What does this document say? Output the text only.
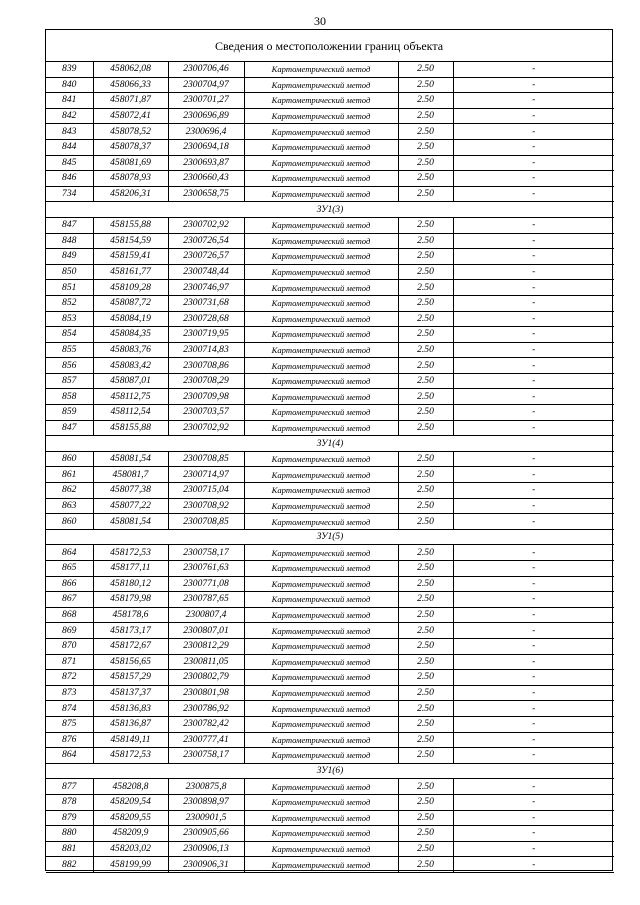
30
Сведения о местоположении границ объекта
839	458062,08	2300706,46	Картометрический метод	2.50	-
840	458066,33	2300704,97	Картометрический метод	2.50	-
841	458071,87	2300701,27	Картометрический метод	2.50	-
842	458072,41	2300696,89	Картометрический метод	2.50	-
843	458078,52	2300696,4	Картометрический метод	2.50	-
844	458078,37	2300694,18	Картометрический метод	2.50	-
845	458081,69	2300693,87	Картометрический метод	2.50	-
846	458078,93	2300660,43	Картометрический метод	2.50	-
734	458206,31	2300658,75	Картометрический метод	2.50	-
ЗУ1(3)					
847	458155,88	2300702,92	Картометрический метод	2.50	-
848	458154,59	2300726,54	Картометрический метод	2.50	-
849	458159,41	2300726,57	Картометрический метод	2.50	-
850	458161,77	2300748,44	Картометрический метод	2.50	-
851	458109,28	2300746,97	Картометрический метод	2.50	-
852	458087,72	2300731,68	Картометрический метод	2.50	-
853	458084,19	2300728,68	Картометрический метод	2.50	-
854	458084,35	2300719,95	Картометрический метод	2.50	-
855	458083,76	2300714,83	Картометрический метод	2.50	-
856	458083,42	2300708,86	Картометрический метод	2.50	-
857	458087,01	2300708,29	Картометрический метод	2.50	-
858	458112,75	2300709,98	Картометрический метод	2.50	-
859	458112,54	2300703,57	Картометрический метод	2.50	-
847	458155,88	2300702,92	Картометрический метод	2.50	-
ЗУ1(4)					
860	458081,54	2300708,85	Картометрический метод	2.50	-
861	458081,7	2300714,97	Картометрический метод	2.50	-
862	458077,38	2300715,04	Картометрический метод	2.50	-
863	458077,22	2300708,92	Картометрический метод	2.50	-
860	458081,54	2300708,85	Картометрический метод	2.50	-
ЗУ1(5)					
864	458172,53	2300758,17	Картометрический метод	2.50	-
865	458177,11	2300761,63	Картометрический метод	2.50	-
866	458180,12	2300771,08	Картометрический метод	2.50	-
867	458179,98	2300787,65	Картометрический метод	2.50	-
868	458178,6	2300807,4	Картометрический метод	2.50	-
869	458173,17	2300807,01	Картометрический метод	2.50	-
870	458172,67	2300812,29	Картометрический метод	2.50	-
871	458156,65	2300811,05	Картометрический метод	2.50	-
872	458157,29	2300802,79	Картометрический метод	2.50	-
873	458137,37	2300801,98	Картометрический метод	2.50	-
874	458136,83	2300786,92	Картометрический метод	2.50	-
875	458136,87	2300782,42	Картометрический метод	2.50	-
876	458149,11	2300777,41	Картометрический метод	2.50	-
864	458172,53	2300758,17	Картометрический метод	2.50	-
ЗУ1(6)					
877	458208,8	2300875,8	Картометрический метод	2.50	-
878	458209,54	2300898,97	Картометрический метод	2.50	-
879	458209,55	2300901,5	Картометрический метод	2.50	-
880	458209,9	2300905,66	Картометрический метод	2.50	-
881	458203,02	2300906,13	Картометрический метод	2.50	-
882	458199,99	2300906,31	Картометрический метод	2.50	-
